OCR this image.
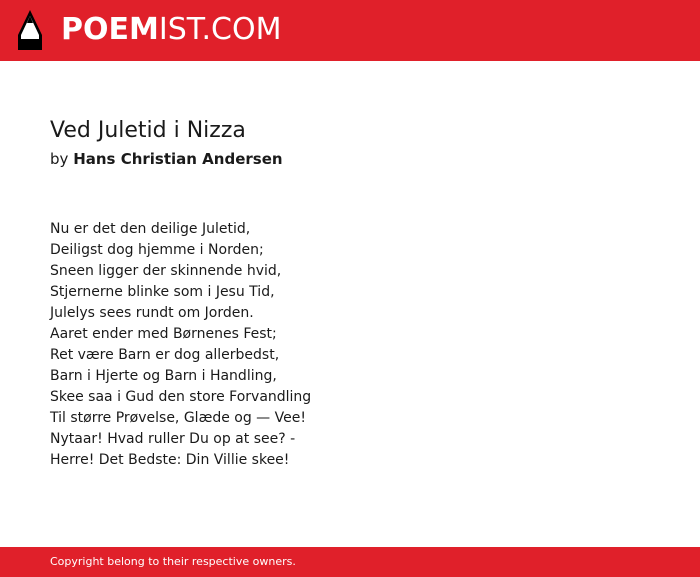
POEMIST.COM
Ved Juletid i Nizza
by Hans Christian Andersen
Nu er det den deilige Juletid,
Deiligst dog hjemme i Norden;
Sneen ligger der skinnende hvid,
Stjernerne blinke som i Jesu Tid,
Julelys sees rundt om Jorden.
Aaret ender med Børnenes Fest;
Ret være Barn er dog allerbedst,
Barn i Hjerte og Barn i Handling,
Skee saa i Gud den store Forvandling
Til større Prøvelse, Glæde og — Vee!
Nytaar! Hvad ruller Du op at see? -
Herre! Det Bedste: Din Villie skee!
Copyright belong to their respective owners.
